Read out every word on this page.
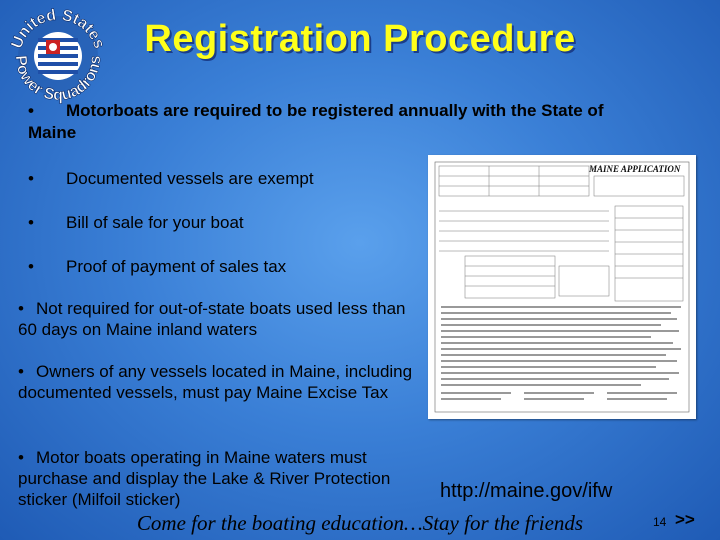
United States
Power Squadrons	Registration Procedure
• Motorboats are required to be registered annually with the State of Maine
• Documented vessels are exempt
• Bill of sale for your boat
• Proof of payment of sales tax
• Not required for out-of-state boats used less than 60 days on Maine inland waters
• Owners of any vessels located in Maine, including documented vessels, must pay Maine Excise Tax
• Motor boats operating in Maine waters must purchase and display the Lake & River Protection sticker (Milfoil sticker)
MAINE APPLICATION
http://maine.gov/ifw
Come for the boating education…Stay for the friends	14 >>
